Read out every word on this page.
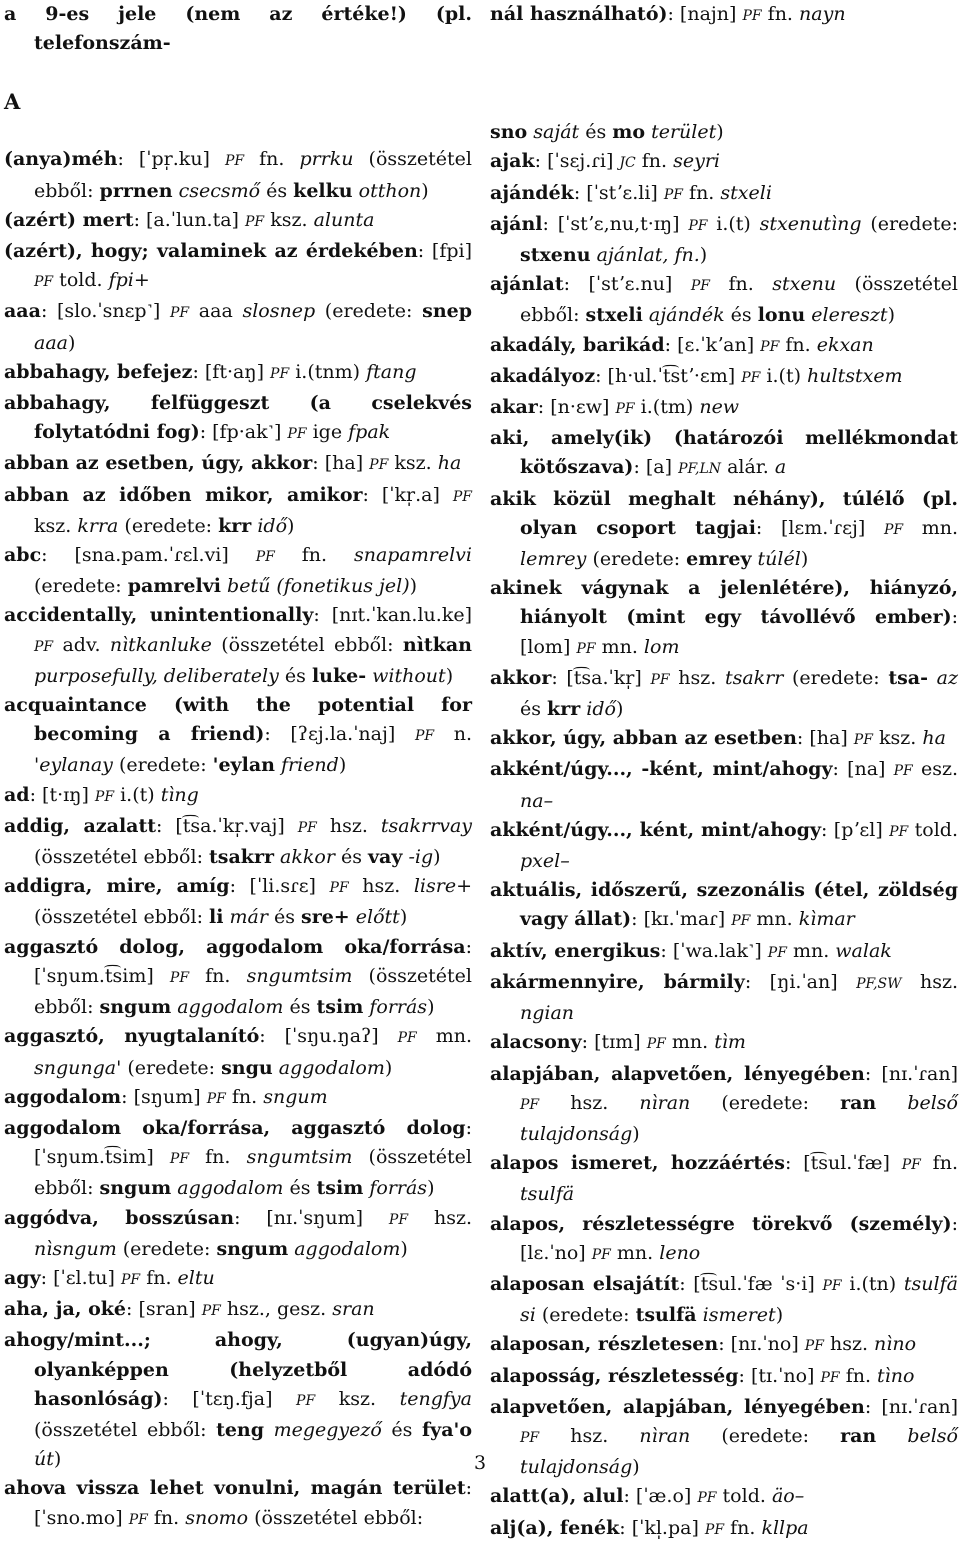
a 9-es jele (nem az értéke!) (pl. telefonszám-

A

(anya)méh: [ˈpr̩.ku] PF fn. prrku (összetétel ebből: prrnen csecsmő és kelku otthon)

(azért) mert: [a.ˈlun.ta] PF ksz. alunta

(azért), hogy; valaminek az érdekében: [fpi] PF told. fpi+

aaa: [slo.ˈsnɛp˺] PF aaa slosnep (eredete: snep aaa)

abbahagy, befejez: [ft·aŋ] PF i.(tnm) ftang

abbahagy, felfüggeszt (a cselekvés folytatódni fog): [fp·ak˺] PF ige fpak

abban az esetben, úgy, akkor: [ha] PF ksz. ha

abban az időben mikor, amikor: [ˈkr̩.a] PF ksz. krra (eredete: krr idő)

abc: [sna.pam.ˈɾɛl.vi] PF fn. snapamrelvi (eredete: pamrelvi betű (fonetikus jel))

accidentally, unintentionally: [nɪt.ˈkan.lu.ke] PF adv. nìtkanluke (összetétel ebből: nìtkan purposefully, deliberately és luke- without)

acquaintance (with the potential for becoming a friend): [ʔɛj.la.ˈnaj] PF n. 'eylanay (eredete: 'eylan friend)

ad: [t·ɪŋ] PF i.(t) tìng

addig, azalatt: [t͡sa.ˈkr̩.vaj] PF hsz. tsakrrvay (összetétel ebből: tsakrr akkor és vay -ig)

addigra, mire, amíg: [ˈli.sɾɛ] PF hsz. lisre+ (összetétel ebből: li már és sre+ előtt)

aggasztó dolog, aggodalom oka/forrása: [ˈsŋum.t͡sim] PF fn. sngumtsim (összetétel ebből: sngum aggodalom és tsim forrás)

aggasztó, nyugtalanító: [ˈsŋu.ŋaʔ] PF mn. sngunga' (eredete: sngu aggodalom)

aggodalom: [sŋum] PF fn. sngum

aggodalom oka/forrása, aggasztó dolog: [ˈsŋum.t͡sim] PF fn. sngumtsim (összetétel ebből: sngum aggodalom és tsim forrás)

aggódva, bosszúsan: [nɪ.ˈsŋum] PF hsz. nìsngum (eredete: sngum aggodalom)

agy: [ˈɛl.tu] PF fn. eltu

aha, ja, oké: [sran] PF hsz., gesz. sran

ahogy/mint...; ahogy, (ugyan)úgy, olyanképpen (helyzetből adódó hasonlóság): [ˈtɛŋ.fja] PF ksz. tengfya (összetétel ebből: teng megegyező és fya'o út)

ahova vissza lehet vonulni, magán terület: [ˈsno.mo] PF fn. snomo (összetétel ebből:

nál használható): [najn] PF fn. nayn

sno saját és mo terület)

ajak: [ˈsɛj.ɾi] JC fn. seyri

ajándék: [ˈstʼɛ.li] PF fn. stxeli

ajánl: [ˈstʼɛ,nu,t·ɪŋ] PF i.(t) stxenutìng (eredete: stxenu ajánlat, fn.)

ajánlat: [ˈstʼɛ.nu] PF fn. stxenu (összetétel ebből: stxeli ajándék és lonu elereszt)

akadály, barikád: [ɛ.ˈkʼan] PF fn. ekxan

akadályoz: [h·ul.ˈt͡stʼ·ɛm] PF i.(t) hultstxem

akar: [n·ɛw] PF i.(tm) new

aki, amely(ik) (határozói mellékmondat kötőszava): [a] PF,LN alár. a

akik közül meghalt néhány), túlélő (pl. olyan csoport tagjai: [lɛm.ˈɾɛj] PF mn. lemrey (eredete: emrey túlél)

akinek vágynak a jelenlétére), hiányzó, hiányolt (mint egy távollévő ember): [lom] PF mn. lom

akkor: [t͡sa.ˈkr̩] PF hsz. tsakrr (eredete: tsa- az és krr idő)

akkor, úgy, abban az esetben: [ha] PF ksz. ha

akként/úgy..., -ként, mint/ahogy: [na] PF esz. na–

akként/úgy..., ként, mint/ahogy: [pʼɛl] PF told. pxel–

aktuális, időszerű, szezonális (étel, zöldség vagy állat): [kɪ.ˈmaɾ] PF mn. kìmar

aktív, energikus: [ˈwa.lak˺] PF mn. walak

akármennyire, bármily: [ŋi.ˈan] PF,SW hsz. ngian

alacsony: [tɪm] PF mn. tìm

alapjában, alapvetően, lényegében: [nɪ.ˈɾan] PF hsz. nìran (eredete: ran belső tulajdonság)

alapos ismeret, hozzáértés: [t͡sul.ˈfæ] PF fn. tsulfä

alapos, részletességre törekvő (személy): [lɛ.ˈno] PF mn. leno

alaposan elsajátít: [t͡sul.ˈfæ ˈs·i] PF i.(tn) tsulfä si (eredete: tsulfä ismeret)

alaposan, részletesen: [nɪ.ˈno] PF hsz. nìno

alaposság, részletesség: [tɪ.ˈno] PF fn. tìno

alapvetően, alapjában, lényegében: [nɪ.ˈɾan] PF hsz. nìran (eredete: ran belső tulajdonság)

alatt(a), alul: [ˈæ.o] PF told. äo–

alj(a), fenék: [ˈkl̩.pa] PF fn. kllpa

3
